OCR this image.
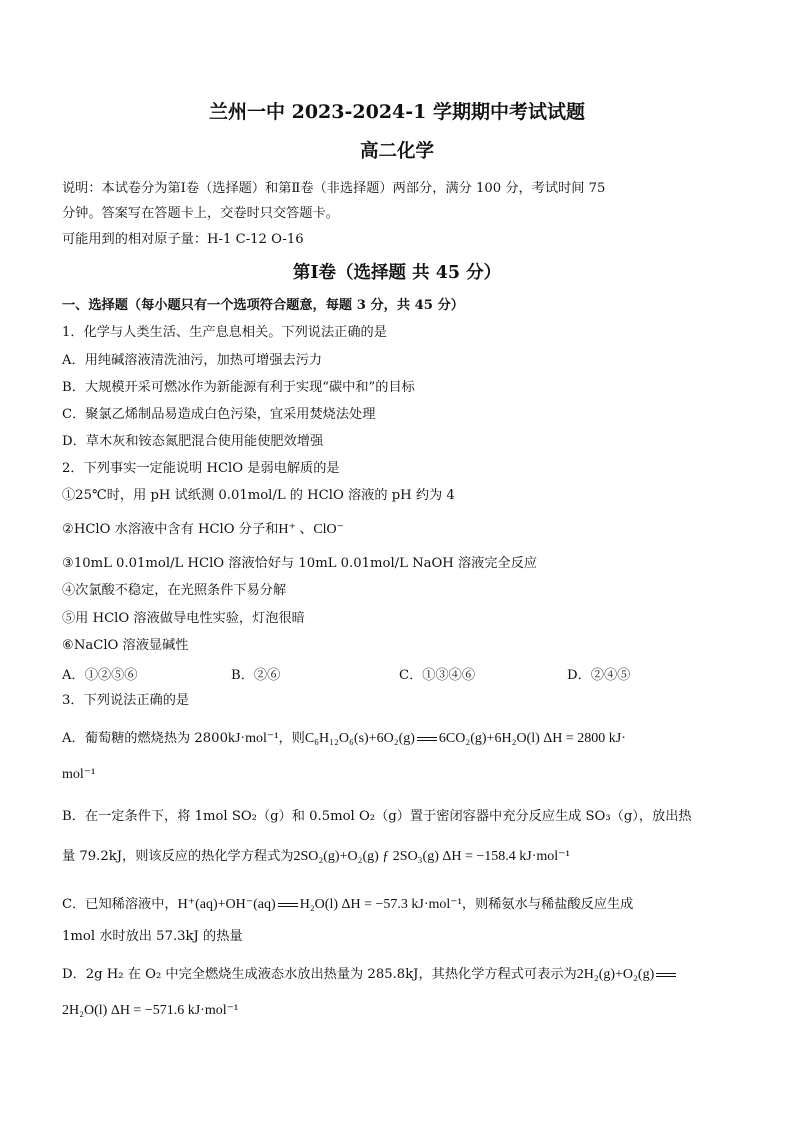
兰州一中 2023-2024-1 学期期中考试试题
高二化学
说明：本试卷分为第Ⅰ卷（选择题）和第Ⅱ卷（非选择题）两部分，满分 100 分，考试时间 75
分钟。答案写在答题卡上，交卷时只交答题卡。
可能用到的相对原子量：H-1 C-12 O-16
第Ⅰ卷（选择题 共 45 分）
一、选择题（每小题只有一个选项符合题意，每题 3 分，共 45 分）
1．化学与人类生活、生产息息相关。下列说法正确的是
A．用纯碱溶液清洗油污，加热可增强去污力
B．大规模开采可燃冰作为新能源有利于实现“碳中和”的目标
C．聚氯乙烯制品易造成白色污染，宜采用焚烧法处理
D．草木灰和铵态氮肥混合使用能使肥效增强
2．下列事实一定能说明 HClO 是弱电解质的是
①25℃时，用 pH 试纸测 0.01mol/L 的 HClO 溶液的 pH 约为 4
②HClO 水溶液中含有 HClO 分子和H⁺ 、ClO⁻
③10mL 0.01mol/L HClO 溶液恰好与 10mL 0.01mol/L NaOH 溶液完全反应
④次氯酸不稳定，在光照条件下易分解
⑤用 HClO 溶液做导电性实验，灯泡很暗
⑥NaClO 溶液显碱性
A．①②⑤⑥	B．②⑥	C．①③④⑥	D．②④⑤
3．下列说法正确的是
A．葡萄糖的燃烧热为 2800kJ·mol⁻¹，则C₆H₁₂O₆(s)+6O₂(g) 6CO₂(g)+6H₂O(l) ΔH = 2800 kJ·
mol⁻¹
B．在一定条件下，将 1mol SO₂（g）和 0.5mol O₂（g）置于密闭容器中充分反应生成 SO₃（g），放出热
量 79.2kJ，则该反应的热化学方程式为2SO₂(g)+O₂(g) ƒ 2SO₃(g) ΔH = −158.4 kJ·mol⁻¹
C．已知稀溶液中，H⁺(aq)+OH⁻(aq) H₂O(l) ΔH = −57.3 kJ·mol⁻¹，则稀氨水与稀盐酸反应生成
1mol 水时放出 57.3kJ 的热量
D．2g H₂ 在 O₂ 中完全燃烧生成液态水放出热量为 285.8kJ，其热化学方程式可表示为2H₂(g)+O₂(g)
2H₂O(l) ΔH = −571.6 kJ·mol⁻¹
